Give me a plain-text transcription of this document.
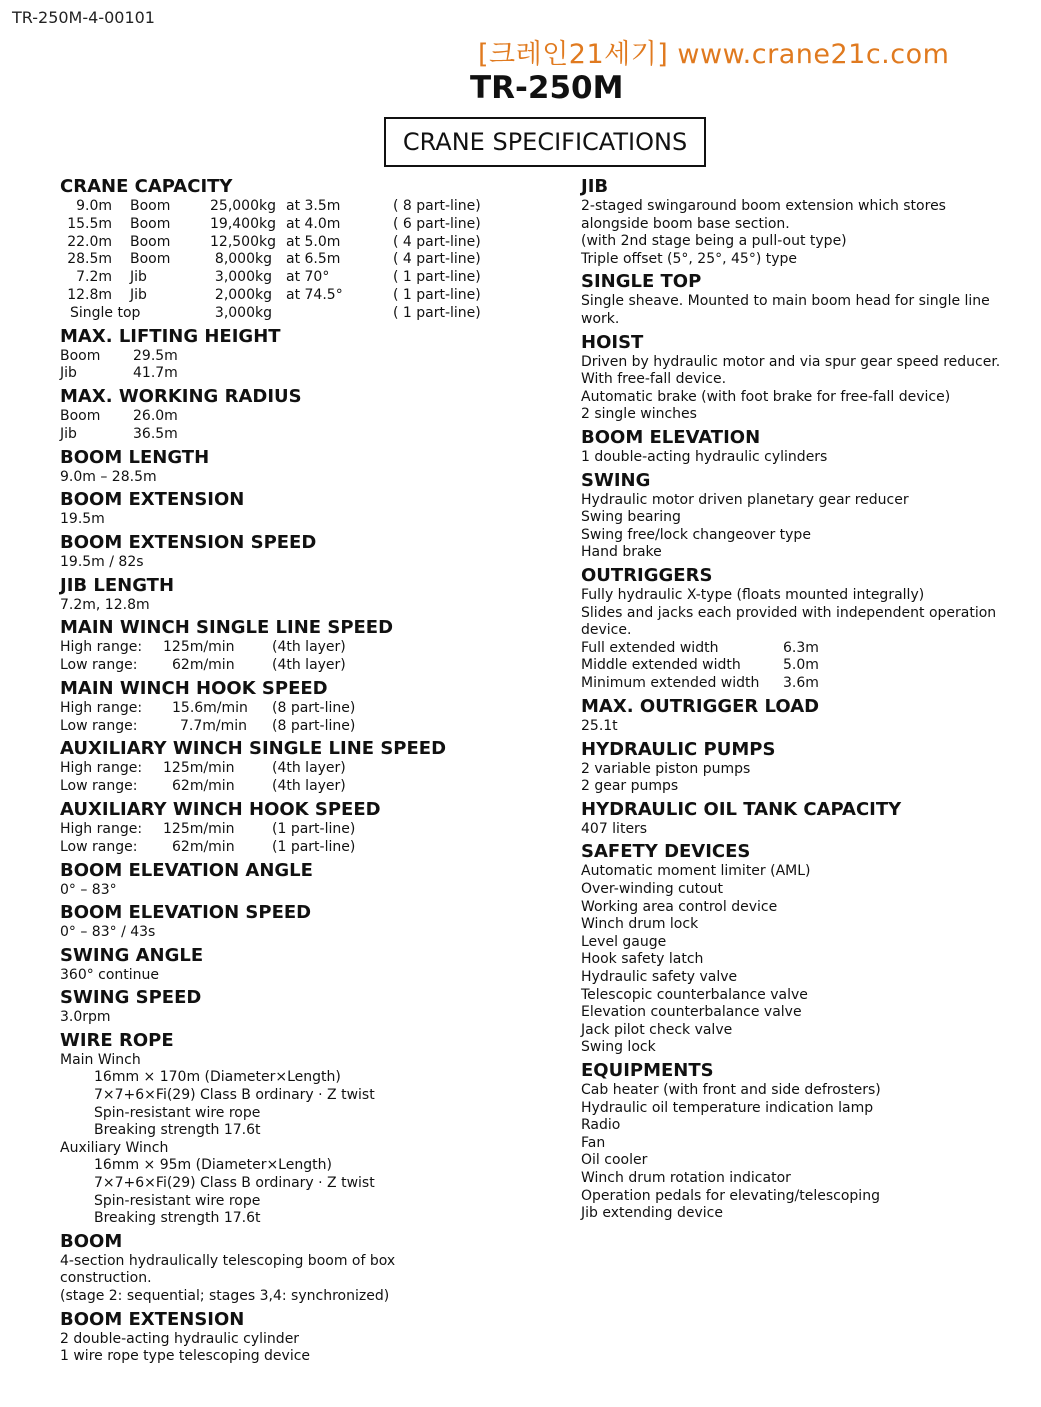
TR-250M-4-00101
[크레인21세기] www.crane21c.com
TR-250M
CRANE SPECIFICATIONS
CRANE CAPACITY
9.0m Boom	25,000kg at 3.5m	( 8 part-line)
15.5m Boom	19,400kg at 4.0m	( 6 part-line)
22.0m Boom	12,500kg at 5.0m	( 4 part-line)
28.5m Boom	8,000kg at 6.5m	( 4 part-line)
7.2m Jib	3,000kg at 70°	( 1 part-line)
12.8m Jib	2,000kg at 74.5°	( 1 part-line)
Single top	3,000kg	( 1 part-line)
MAX. LIFTING HEIGHT
Boom 29.5m
Jib	41.7m
MAX. WORKING RADIUS
Boom 26.0m
Jib	36.5m
BOOM LENGTH
9.0m – 28.5m
BOOM EXTENSION
19.5m
BOOM EXTENSION SPEED
19.5m / 82s
JIB LENGTH
7.2m, 12.8m
MAIN WINCH SINGLE LINE SPEED
High range: 125m/min	(4th layer)
Low range: 62m/min	(4th layer)
MAIN WINCH HOOK SPEED
High range: 15.6m/min (8 part-line)
Low range:	7.7m/min (8 part-line)
AUXILIARY WINCH SINGLE LINE SPEED
High range: 125m/min	(4th layer)
Low range: 62m/min	(4th layer)
AUXILIARY WINCH HOOK SPEED
High range: 125m/min	(1 part-line)
Low range: 62m/min	(1 part-line)
BOOM ELEVATION ANGLE
0° – 83°
BOOM ELEVATION SPEED
0° – 83° / 43s
SWING ANGLE
360° continue
SWING SPEED
3.0rpm
WIRE ROPE
Main Winch
16mm × 170m (Diameter×Length)
7×7+6×Fi(29) Class B ordinary · Z twist
Spin-resistant wire rope
Breaking strength 17.6t
Auxiliary Winch
16mm × 95m (Diameter×Length)
7×7+6×Fi(29) Class B ordinary · Z twist
Spin-resistant wire rope
Breaking strength 17.6t
BOOM
4-section hydraulically telescoping boom of box
construction.
(stage 2: sequential; stages 3,4: synchronized)
BOOM EXTENSION
2 double-acting hydraulic cylinder
1 wire rope type telescoping device
JIB
2-staged swingaround boom extension which stores
alongside boom base section.
(with 2nd stage being a pull-out type)
Triple offset (5°, 25°, 45°) type
SINGLE TOP
Single sheave. Mounted to main boom head for single line
work.
HOIST
Driven by hydraulic motor and via spur gear speed reducer.
With free-fall device.
Automatic brake (with foot brake for free-fall device)
2 single winches
BOOM ELEVATION
1 double-acting hydraulic cylinders
SWING
Hydraulic motor driven planetary gear reducer
Swing bearing
Swing free/lock changeover type
Hand brake
OUTRIGGERS
Fully hydraulic X-type (floats mounted integrally)
Slides and jacks each provided with independent operation
device.
Full extended width	6.3m
Middle extended width	5.0m
Minimum extended width 3.6m
MAX. OUTRIGGER LOAD
25.1t
HYDRAULIC PUMPS
2 variable piston pumps
2 gear pumps
HYDRAULIC OIL TANK CAPACITY
407 liters
SAFETY DEVICES
Automatic moment limiter (AML)
Over-winding cutout
Working area control device
Winch drum lock
Level gauge
Hook safety latch
Hydraulic safety valve
Telescopic counterbalance valve
Elevation counterbalance valve
Jack pilot check valve
Swing lock
EQUIPMENTS
Cab heater (with front and side defrosters)
Hydraulic oil temperature indication lamp
Radio
Fan
Oil cooler
Winch drum rotation indicator
Operation pedals for elevating/telescoping
Jib extending device
